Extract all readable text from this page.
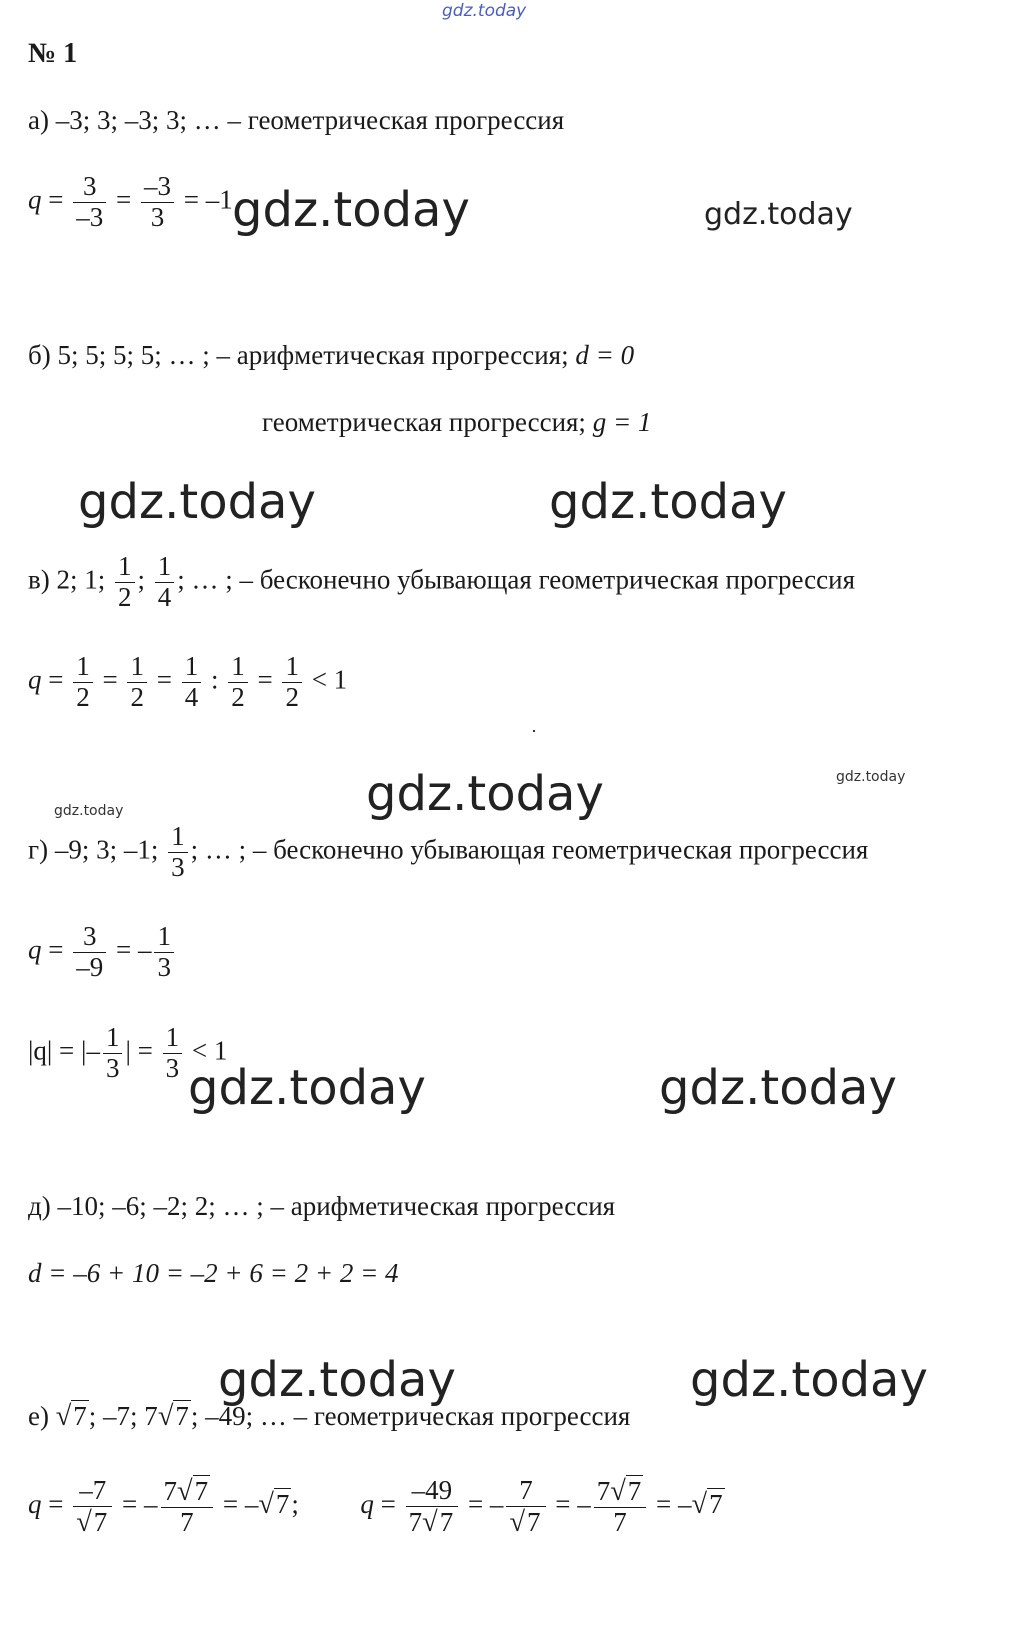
gdz.today
gdz.today	gdz.today
gdz.today	gdz.today
gdz.today	gdz.today
gdz.today
gdz.today	gdz.today
gdz.today	gdz.today
№ 1
а) –3; 3; –3; 3; … – геометрическая прогрессия
$q = \frac{3}{-3} = \frac{-3}{3} = -1$
б) 5; 5; 5; 5; … ; – арифметическая прогрессия; d = 0
геометрическая прогрессия; g = 1
в) 2; 1; $\frac{1}{2}$ ; $\frac{1}{4}$ ; … ; – бесконечно убывающая геометрическая прогрессия
$q = \frac{1}{2} = \frac{1}{2} = \frac{1}{4}$ : $\frac{1}{2} = \frac{1}{2} < 1$
г) –9; 3; –1; $\frac{1}{3}$ ; … ; – бесконечно убывающая геометрическая прогрессия
$q = \frac{3}{-9}$ = – $\frac{1}{3}$
|q| = |– $\frac{1}{3}$ | = $\frac{1}{3} < 1$
д) –10; –6; –2; 2; … ; – арифметическая прогрессия
d = –6 + 10 = –2 + 6 = 2 + 2 = 4
е) √7; –7; 7√7; –49; … – геометрическая прогрессия
$q = \frac{-7}{√7}$ = – $\frac{7√7}{7} = -√7$; $q = \frac{-49}{7√7}$ = – $\frac{7}{√7}$ = – $\frac{7√7}{7} = -√7$
